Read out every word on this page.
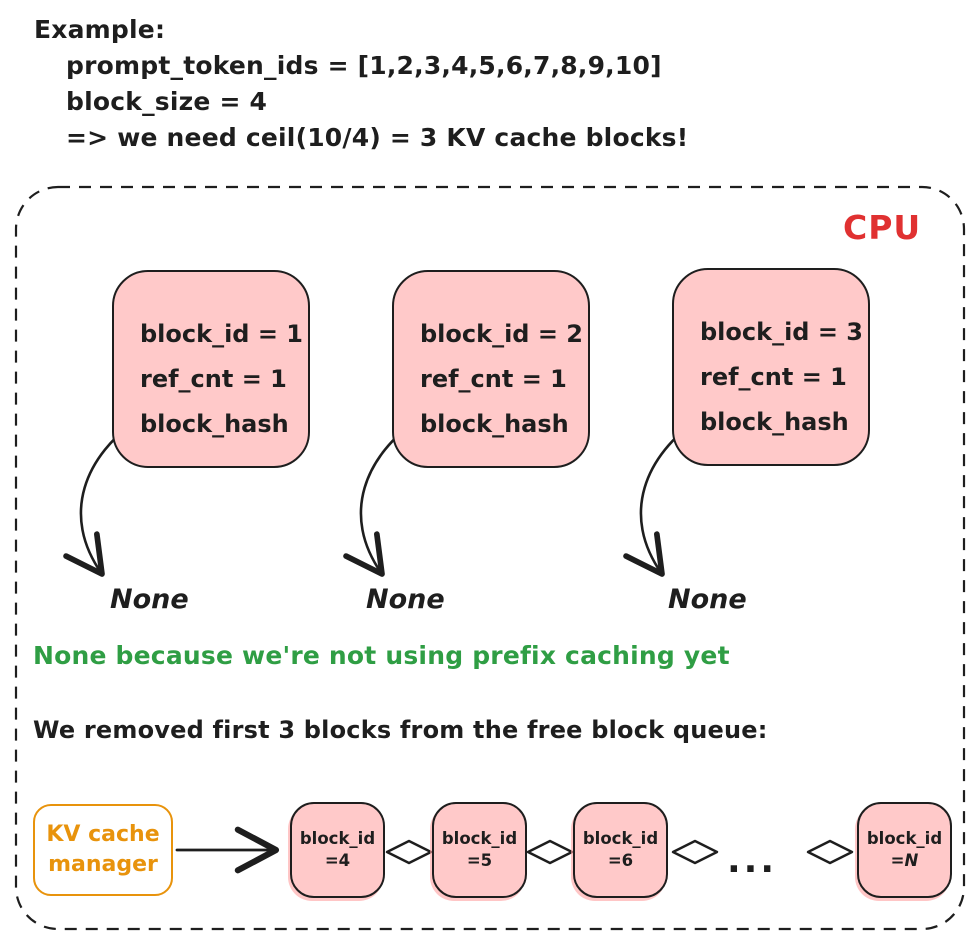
Example:
prompt_token_ids = [1,2,3,4,5,6,7,8,9,10]
block_size = 4
=> we need ceil(10/4) = 3 KV cache blocks!
CPU
block_id = 1
ref_cnt = 1
block_hash
block_id = 2
ref_cnt = 1
block_hash
block_id = 3
ref_cnt = 1
block_hash
None	None	None
None because we're not using prefix caching yet
We removed first 3 blocks from the free block queue:
KV cache
manager
block_id
=4
block_id
=5
block_id
=6
block_id
=N
...
